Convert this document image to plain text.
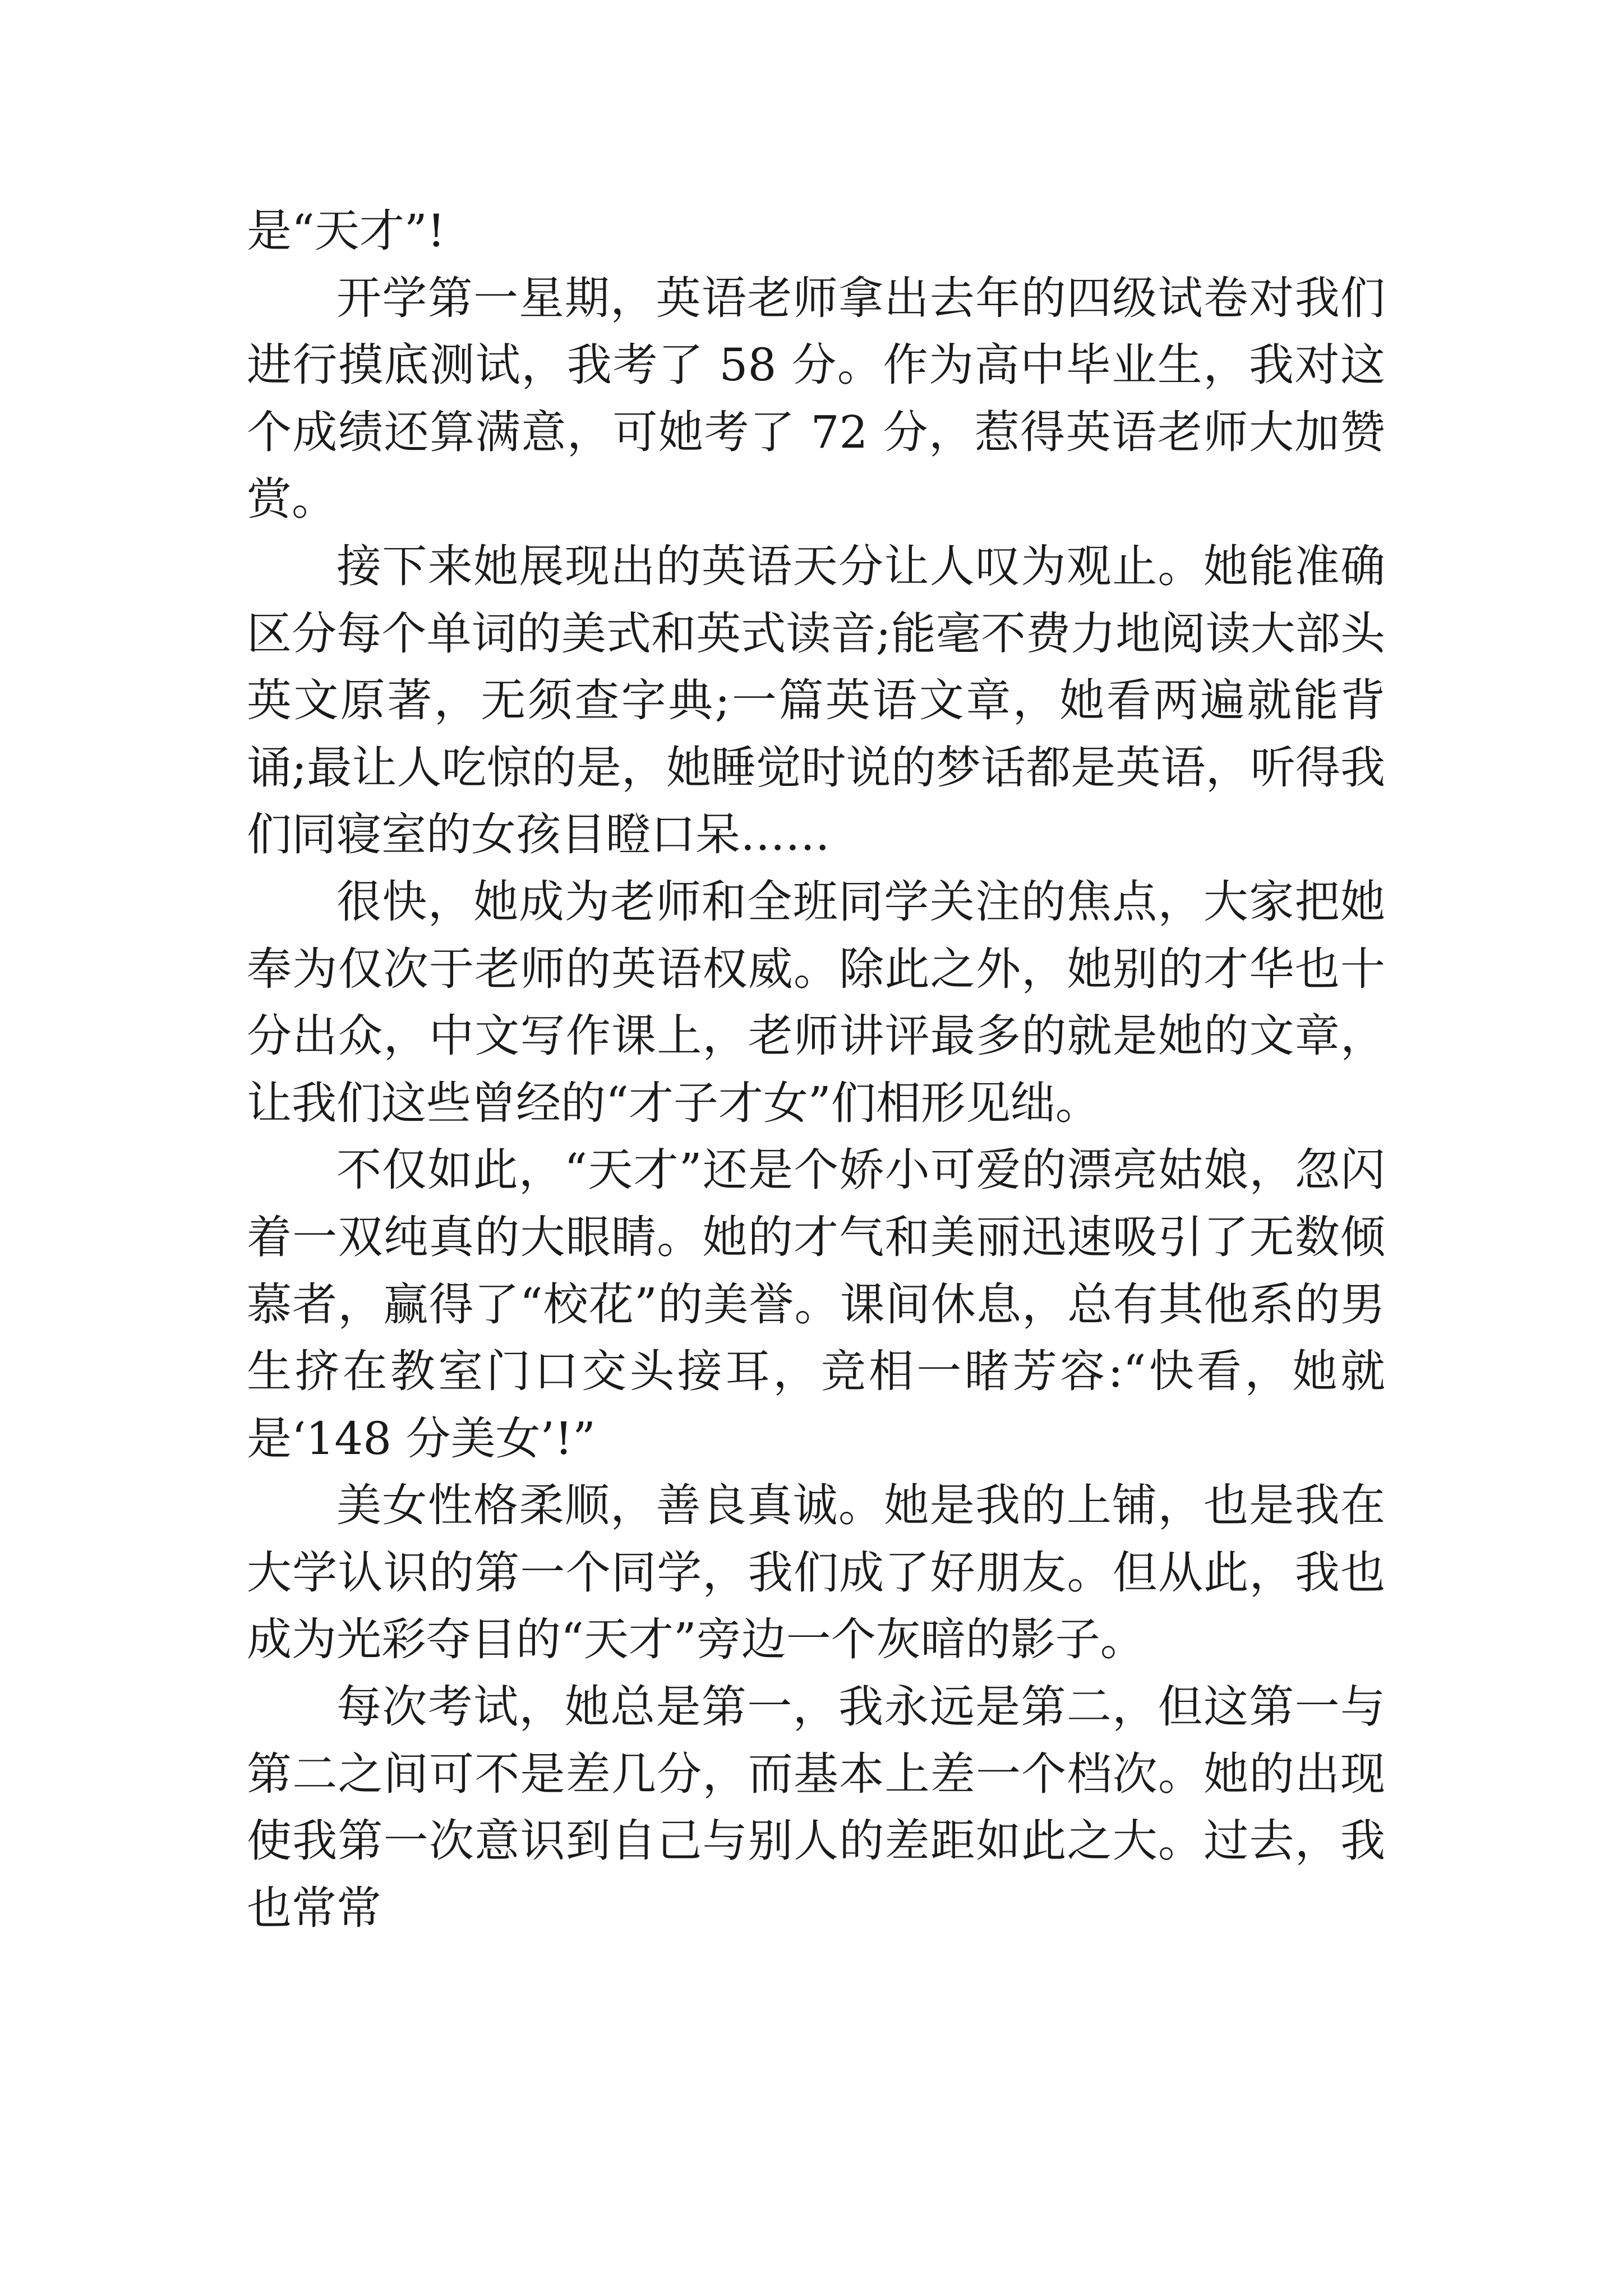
是“天才”!

开学第一星期，英语老师拿出去年的四级试卷对我们进行摸底测试，我考了 58 分。作为高中毕业生，我对这个成绩还算满意，可她考了 72 分，惹得英语老师大加赞赏。

接下来她展现出的英语天分让人叹为观止。她能准确区分每个单词的美式和英式读音;能毫不费力地阅读大部头英文原著，无须查字典;一篇英语文章，她看两遍就能背诵;最让人吃惊的是，她睡觉时说的梦话都是英语，听得我们同寝室的女孩目瞪口呆……

很快，她成为老师和全班同学关注的焦点，大家把她奉为仅次于老师的英语权威。除此之外，她别的才华也十分出众，中文写作课上，老师讲评最多的就是她的文章，让我们这些曾经的“才子才女”们相形见绌。

不仅如此，“天才”还是个娇小可爱的漂亮姑娘，忽闪着一双纯真的大眼睛。她的才气和美丽迅速吸引了无数倾慕者，赢得了“校花”的美誉。课间休息，总有其他系的男生挤在教室门口交头接耳，竞相一睹芳容:“快看，她就是‘148 分美女’!”

美女性格柔顺，善良真诚。她是我的上铺，也是我在大学认识的第一个同学，我们成了好朋友。但从此，我也成为光彩夺目的“天才”旁边一个灰暗的影子。

每次考试，她总是第一，我永远是第二，但这第一与第二之间可不是差几分，而基本上差一个档次。她的出现使我第一次意识到自己与别人的差距如此之大。过去，我也常常
